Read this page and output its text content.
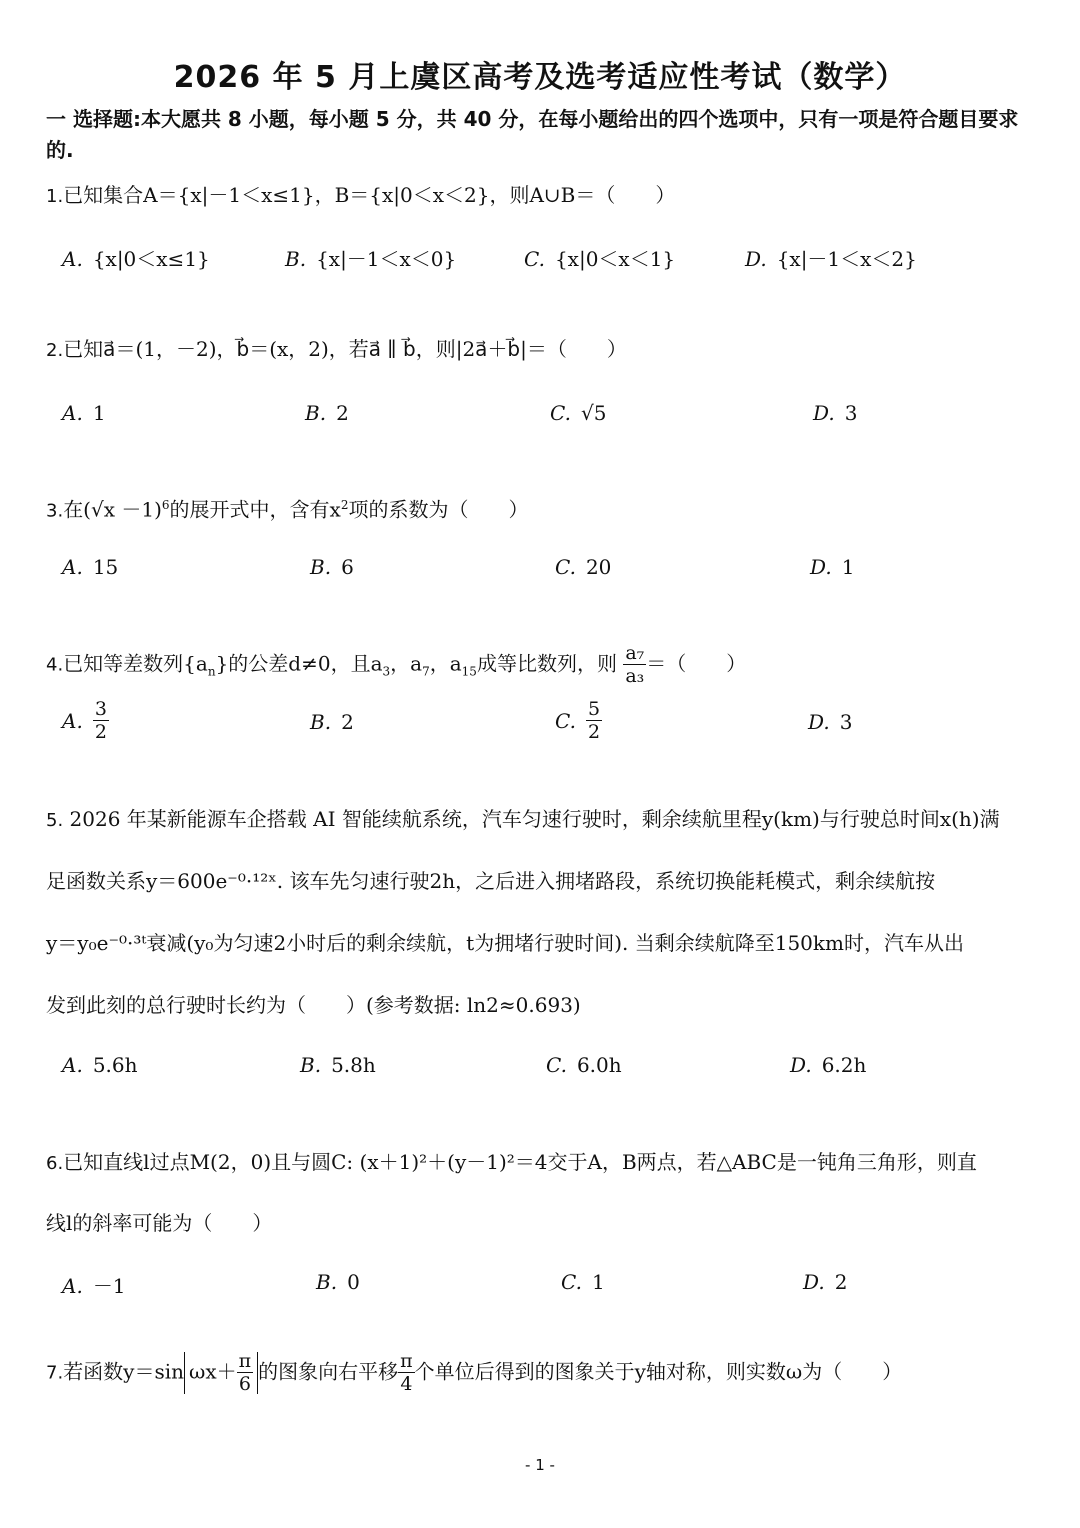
2026 年 5 月上虞区高考及选考适应性考试（数学）
一 选择题:本大愿共 8 小题，每小题 5 分，共 40 分，在每小题给出的四个选项中，只有一项是符合题目要求的.
1.已知集合A＝{x|－1＜x≤1}，B＝{x|0＜x＜2}，则A∪B＝（　　）
A. {x|0＜x≤1}	B. {x|－1＜x＜0}	C. {x|0＜x＜1}	D. {x|－1＜x＜2}
2.已知a⃗＝(1，－2)，b⃗＝(x，2)，若a⃗ ∥ b⃗，则|2a⃗＋b⃗|＝（　　）
A. 1	B. 2	C. √5	D. 3
3.在$(√x -1)^6$的展开式中，含有$x^2$项的系数为（　　）
A. 15	B. 6	C. 20	D. 1
4.已知等差数列$\{a_n\}$的公差d≠0，且$a_3$，$a_7$，$a_{15}$成等比数列，则 $\frac{\text{a₇}}{\text{a₃}}$ ＝（　　）
A. $\frac{3}{2}$	B. 2	C. $\frac{5}{2}$	D. 3
5. 2026 年某新能源车企搭载 AI 智能续航系统，汽车匀速行驶时，剩余续航里程y(km)与行驶总时间x(h)满
足函数关系y＝600e⁻⁰·¹²ˣ. 该车先匀速行驶2h，之后进入拥堵路段，系统切换能耗模式，剩余续航按
y＝y₀e⁻⁰·³ᵗ衰减(y₀为匀速2小时后的剩余续航，t为拥堵行驶时间). 当剩余续航降至150km时，汽车从出
发到此刻的总行驶时长约为（　　）(参考数据: ln2≈0.693)
A. 5.6h	B. 5.8h	C. 6.0h	D. 6.2h
6.已知直线l过点M(2，0)且与圆C: (x＋1)²＋(y－1)²＝4交于A，B两点，若△ABC是一钝角三角形，则直
线l的斜率可能为（　　）
A. －1	B. 0	C. 1	D. 2
7.若函数y＝sin $\omega x+ \frac{\pi}{6}$ 的图象向右平移 $\frac{\pi}{4}$ 个单位后得到的图象关于y轴对称，则实数ω为（　　）
- 1 -
